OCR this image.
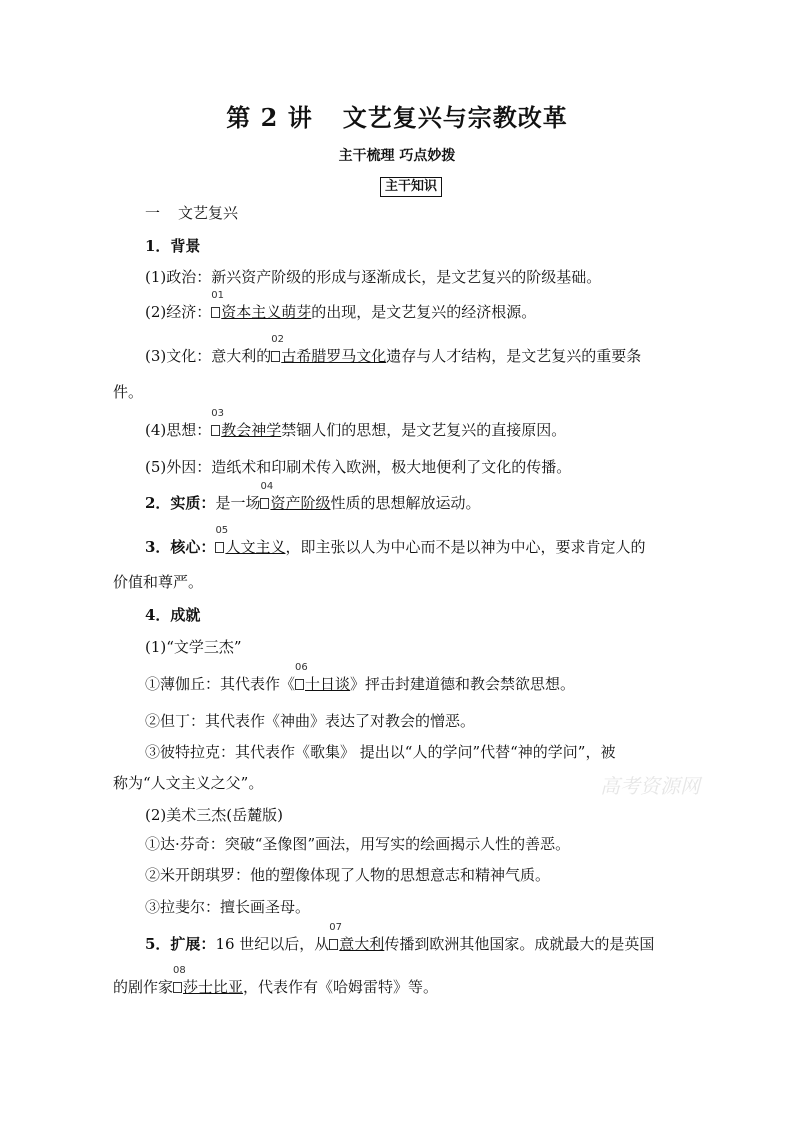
第 2 讲 文艺复兴与宗教改革
主干梳理 巧点妙拨
主干知识
一 文艺复兴
1．背景
(1)政治：新兴资产阶级的形成与逐渐成长，是文艺复兴的阶级基础。
(2)经济：
01
资本主义萌芽的出现，是文艺复兴的经济根源。
(3)文化：意大利的
02
古希腊罗马文化遗存与人才结构，是文艺复兴的重要条
件。
(4)思想：
03
教会神学禁锢人们的思想，是文艺复兴的直接原因。
(5)外因：造纸术和印刷术传入欧洲，极大地便利了文化的传播。
2．实质：是一场
04
资产阶级性质的思想解放运动。
3．核心：
05
人文主义，即主张以人为中心而不是以神为中心，要求肯定人的
价值和尊严。
4．成就
(1)“文学三杰”
①薄伽丘：其代表作《
06
十日谈》抨击封建道德和教会禁欲思想。
②但丁：其代表作《神曲》表达了对教会的憎恶。
③彼特拉克：其代表作《歌集》 提出以“人的学问”代替“神的学问”，被
称为“人文主义之父”。
(2)美术三杰(岳麓版)
①达·芬奇：突破“圣像图”画法，用写实的绘画揭示人性的善恶。
②米开朗琪罗：他的塑像体现了人物的思想意志和精神气质。
③拉斐尔：擅长画圣母。
5．扩展：16 世纪以后，从
07
意大利传播到欧洲其他国家。成就最大的是英国
的剧作家
08
莎士比亚，代表作有《哈姆雷特》等。
高考资源网
